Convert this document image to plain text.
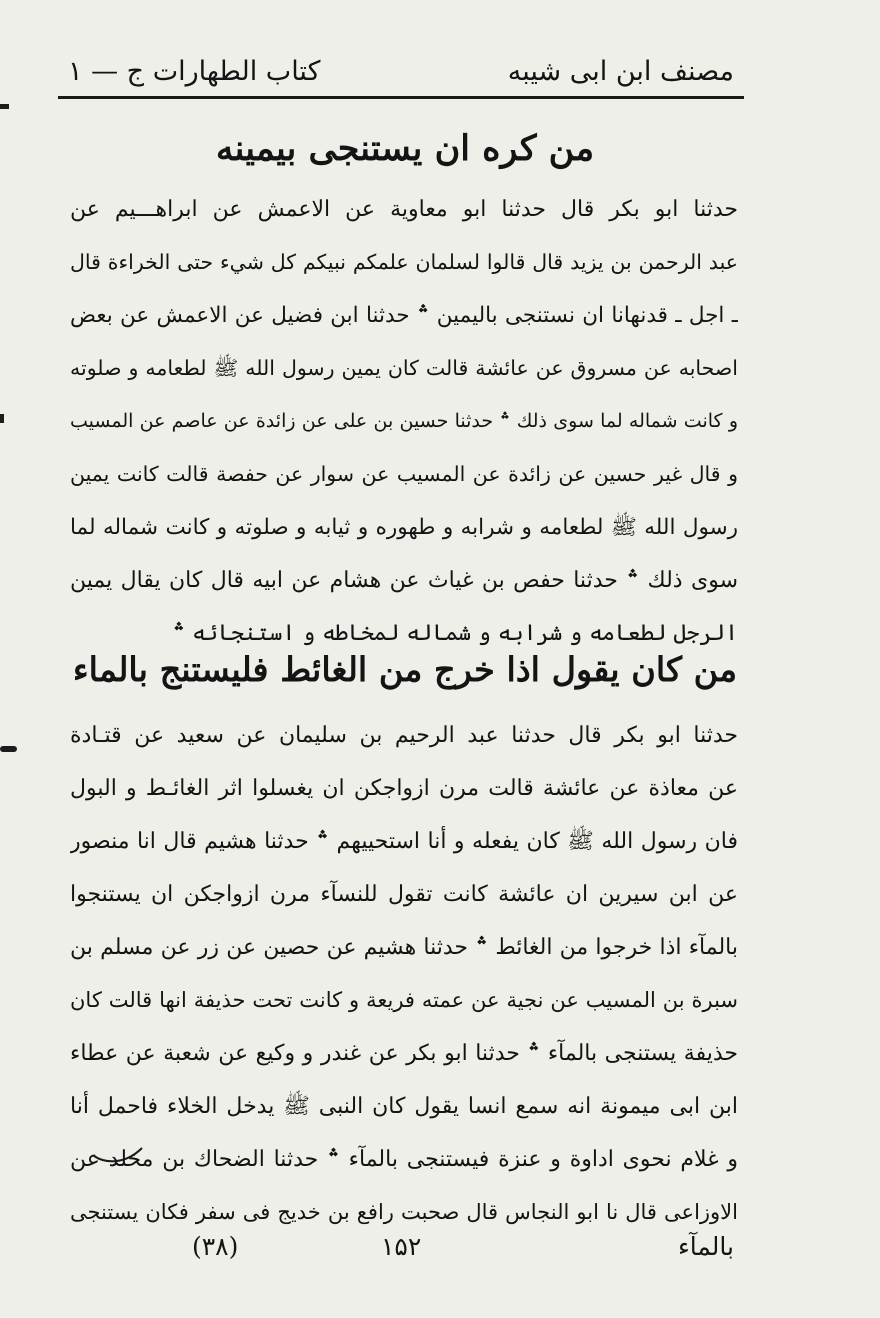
مصنف ابن ابی شیبه
كتاب الطهارات ج — ۱
من كره ان يستنجى بيمينه
حدثنا ابو بكر قال حدثنا ابو معاوية عن الاعمش عن ابراهـــيم عن
عبد الرحمن بن يزيد قال قالوا لسلمان علمكم نبيكم كل شيء حتى الخراءة قال
ـ اجل ـ قدنهانا ان نستنجى باليمين ؞ حدثنا ابن فضيل عن الاعمش عن بعض
اصحابه عن مسروق عن عائشة قالت كان يمين رسول الله ﷺ لطعامه و صلوته
و كانت شماله لما سوى ذلك ؞ حدثنا حسين بن على عن زائدة عن عاصم عن المسيب
و قال غير حسين عن زائدة عن المسيب عن سوار عن حفصة قالت كانت يمين
رسول الله ﷺ لطعامه و شرابه و طهوره و ثيابه و صلوته و كانت شماله لما
سوى ذلك ؞ حدثنا حفص بن غياث عن هشام عن ابيه قال كان يقال يمين
الرجل لطعامه و شرابه و شماله لمخاطه و استنجائه ؞
من كان يقول اذا خرج من الغائط فليستنج بالماء
حدثنا ابو بكر قال حدثنا عبد الرحيم بن سليمان عن سعيد عن قتـادة
عن معاذة عن عائشة قالت مرن ازواجكن ان يغسلوا اثر الغائـط و البول
فان رسول الله ﷺ كان يفعله و أنا استحييهم ؞ حدثنا هشيم قال انا منصور
عن ابن سيرين ان عائشة كانت تقول للنسآء مرن ازواجكن ان يستنجوا
بالمآء اذا خرجوا من الغائط ؞ حدثنا هشيم عن حصين عن زر عن مسلم بن
سبرة بن المسيب عن نجية عن عمته فريعة و كانت تحت حذيفة انها قالت كان
حذيفة يستنجى بالمآء ؞ حدثنا ابو بكر عن غندر و وكيع عن شعبة عن عطاء
ابن ابى ميمونة انه سمع انسا يقول كان النبى ﷺ يدخل الخلاء فاحمل أنا
و غلام نحوى اداوة و عنزة فيستنجى بالمآء ؞ حدثنا الضحاك بن مخلد عن
الاوزاعى قال نا ابو النجاس قال صحبت رافع بن خديج فى سفر فكان يستنجى
بالمآء
۱۵۲
(۳۸)
